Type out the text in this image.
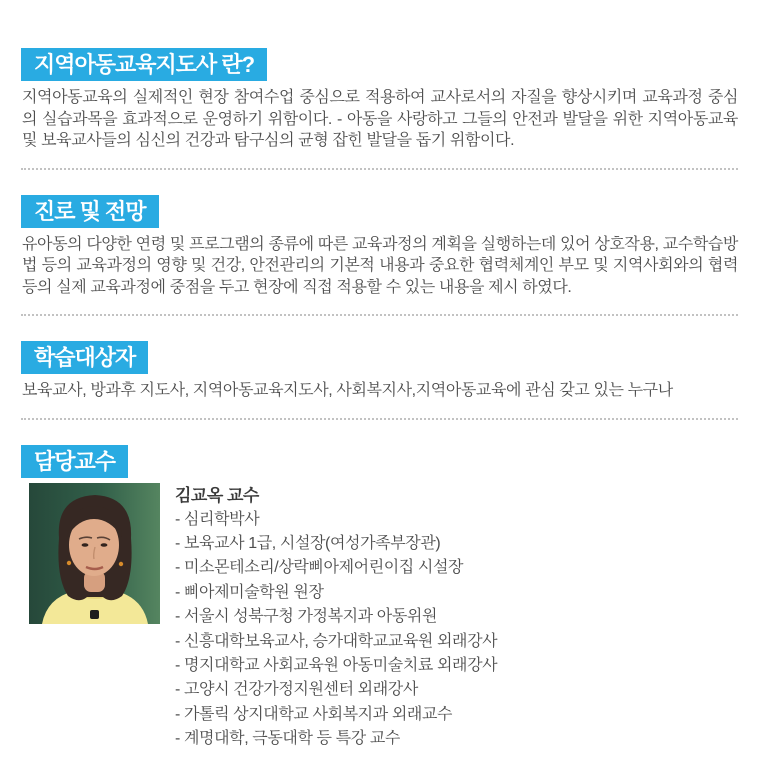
지역아동교육지도사 란?

지역아동교육의 실제적인 현장 참여수업 중심으로 적용하여 교사로서의 자질을 향상시키며 교육과정 중심의 실습과목을 효과적으로 운영하기 위함이다. - 아동을 사랑하고 그들의 안전과 발달을 위한 지역아동교육 및 보육교사들의 심신의 건강과 탐구심의 균형 잡힌 발달을 돕기 위함이다.

진로 및 전망

유아동의 다양한 연령 및 프로그램의 종류에 따른 교육과정의 계획을 실행하는데 있어 상호작용, 교수학습방법 등의 교육과정의 영향 및 건강, 안전관리의 기본적 내용과 중요한 협력체계인 부모 및 지역사회와의 협력 등의 실제 교육과정에 중점을 두고 현장에 직접 적용할 수 있는 내용을 제시 하였다.

학습대상자

보육교사, 방과후 지도사, 지역아동교육지도사, 사회복지사,지역아동교육에 관심 갖고 있는 누구나

담당교수
김교옥 교수
- 심리학박사
- 보육교사 1급, 시설장(여성가족부장관)
- 미소몬테소리/상락삐아제어린이집 시설장
- 삐아제미술학원 원장
- 서울시 성북구청 가정복지과 아동위원
- 신흥대학보육교사, 승가대학교교육원 외래강사
- 명지대학교 사회교육원 아동미술치료 외래강사
- 고양시 건강가정지원센터 외래강사
- 가톨릭 상지대학교 사회복지과 외래교수
- 계명대학, 극동대학 등 특강 교수
